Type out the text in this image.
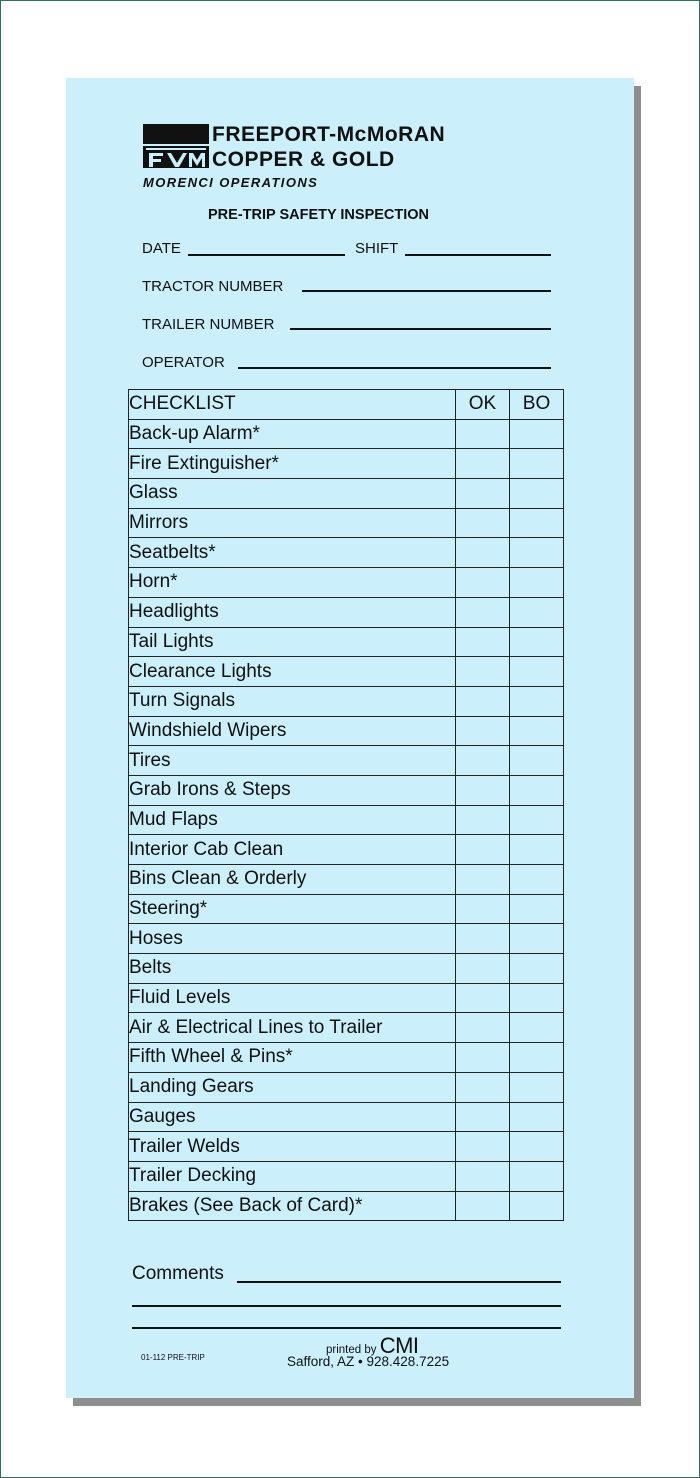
FREEPORT-McMoRAN
COPPER & GOLD
MORENCI OPERATIONS
PRE-TRIP SAFETY INSPECTION
DATE	SHIFT
TRACTOR NUMBER
TRAILER NUMBER
OPERATOR
CHECKLIST	OK	BO
Back-up Alarm*		
Fire Extinguisher*		
Glass		
Mirrors		
Seatbelts*		
Horn*		
Headlights		
Tail Lights		
Clearance Lights		
Turn Signals		
Windshield Wipers		
Tires		
Grab Irons & Steps		
Mud Flaps		
Interior Cab Clean		
Bins Clean & Orderly		
Steering*		
Hoses		
Belts		
Fluid Levels		
Air & Electrical Lines to Trailer		
Fifth Wheel & Pins*		
Landing Gears		
Gauges		
Trailer Welds		
Trailer Decking		
Brakes (See Back of Card)*		
Comments
01-112 PRE-TRIP
printed by CMI
Safford, AZ • 928.428.7225
